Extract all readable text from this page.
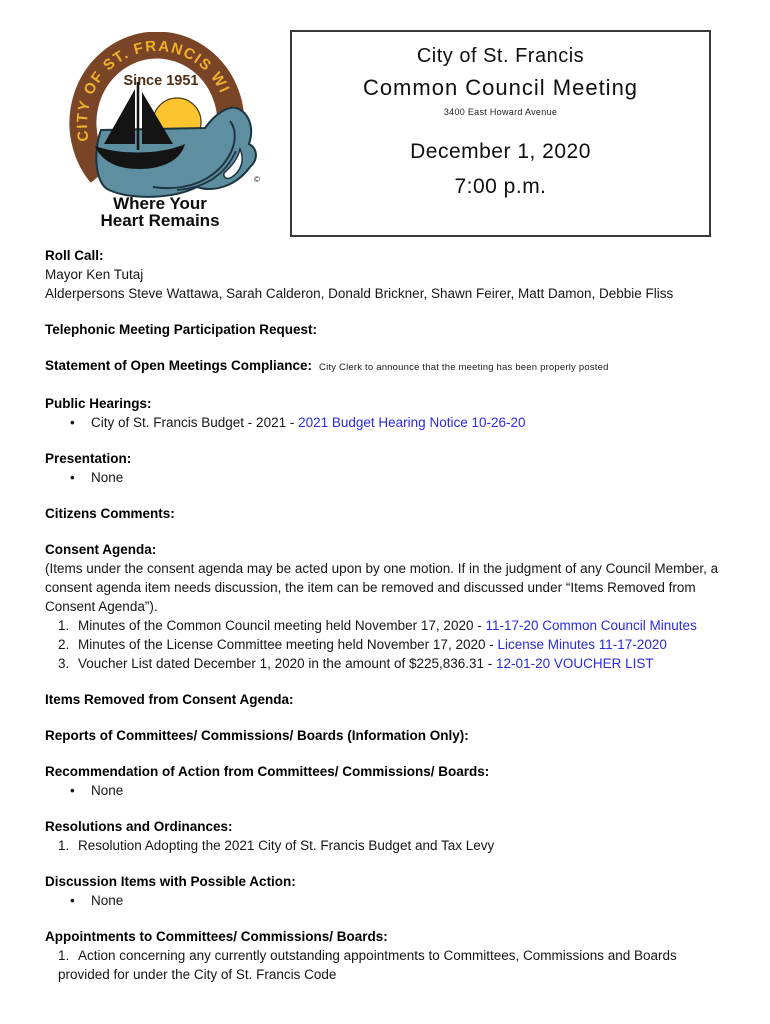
CITY OF ST. FRANCIS WI
Since 1951
©
Where Your
Heart Remains
City of St. Francis
Common Council Meeting
3400 East Howard Avenue
December 1, 2020
7:00 p.m.
Roll Call:
Mayor Ken Tutaj
Alderpersons Steve Wattawa, Sarah Calderon, Donald Brickner, Shawn Feirer, Matt Damon, Debbie Fliss
Telephonic Meeting Participation Request:
Statement of Open Meetings Compliance: City Clerk to announce that the meeting has been properly posted
Public Hearings:
•	City of St. Francis Budget - 2021 - 2021 Budget Hearing Notice 10-26-20
Presentation:
•	None
Citizens Comments:
Consent Agenda:
(Items under the consent agenda may be acted upon by one motion. If in the judgment of any Council Member, a consent agenda item needs discussion, the item can be removed and discussed under “Items Removed from Consent Agenda”).
1. Minutes of the Common Council meeting held November 17, 2020 - 11-17-20 Common Council Minutes
2. Minutes of the License Committee meeting held November 17, 2020 - License Minutes 11-17-2020
3. Voucher List dated December 1, 2020 in the amount of $225,836.31 - 12-01-20 VOUCHER LIST
Items Removed from Consent Agenda:
Reports of Committees/ Commissions/ Boards (Information Only):
Recommendation of Action from Committees/ Commissions/ Boards:
•	None
Resolutions and Ordinances:
1. Resolution Adopting the 2021 City of St. Francis Budget and Tax Levy
Discussion Items with Possible Action:
•	None
Appointments to Committees/ Commissions/ Boards:
1. Action concerning any currently outstanding appointments to Committees, Commissions and Boards provided for under the City of St. Francis Code
